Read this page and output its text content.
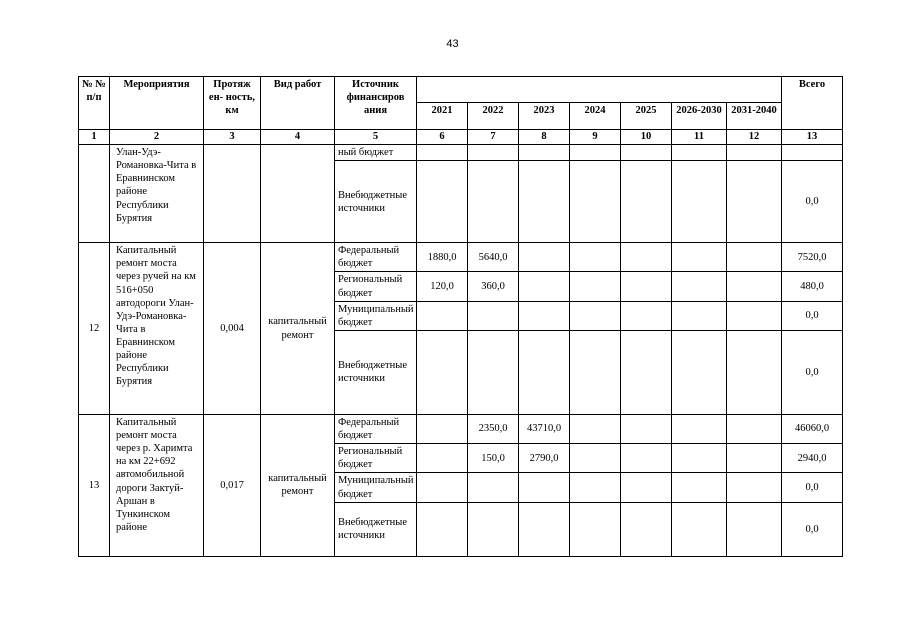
43
№ № п/п	Мероприятия	Протяж ен- ность, км	Вид работ	Источник финансиров ания								Всего
					2021	2022	2023	2024	2025	2026-2030	2031-2040	
1	2	3	4	5	6	7	8	9	10	11	12	13
	Улан-Удэ-Романовка-Чита в Еравнинском районе Республики Бурятия			ный бюджет								
				Внебюджетные источники								0,0
12	Капитальный ремонт моста через ручей на км 516+050 автодороги Улан-Удэ-Романовка-Чита в Еравнинском районе Республики Бурятия	0,004	капитальный ремонт	Федеральный бюджет	1880,0	5640,0						7520,0
				Региональный бюджет	120,0	360,0						480,0
				Муниципальный бюджет								0,0
				Внебюджетные источники								0,0
13	Капитальный ремонт моста через р. Харимта на км 22+692 автомобильной дороги Зактуй- Аршан в Тункинском районе	0,017	капитальный ремонт	Федеральный бюджет		2350,0	43710,0					46060,0
				Региональный бюджет		150,0	2790,0					2940,0
				Муниципальный бюджет								0,0
				Внебюджетные источники								0,0
